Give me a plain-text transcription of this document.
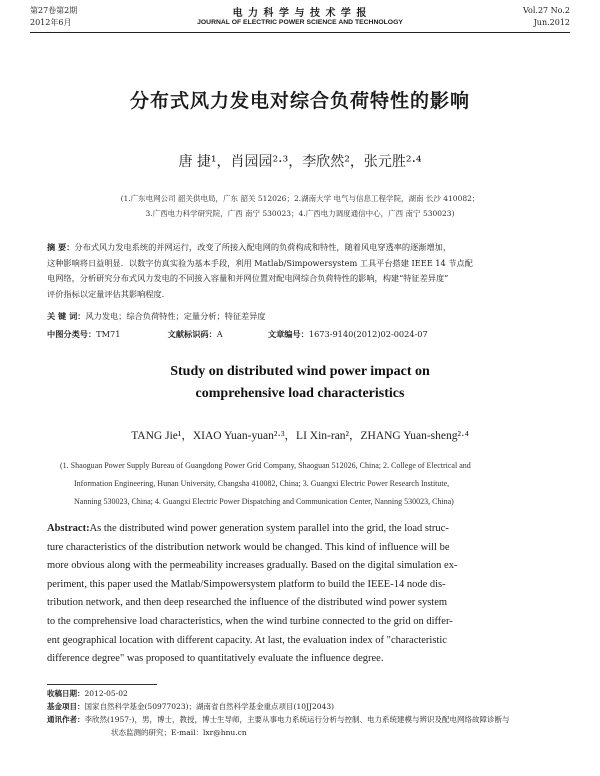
第27卷第2期
2012年6月
电 力 科 学 与 技 术 学 报
JOURNAL OF ELECTRIC POWER SCIENCE AND TECHNOLOGY
Vol.27 No.2
Jun.2012
分布式风力发电对综合负荷特性的影响
唐 捷¹，肖园园²·³，李欣然²，张元胜²·⁴
(1.广东电网公司 韶关供电局，广东 韶关 512026；2.湖南大学 电气与信息工程学院，湖南 长沙 410082；
3.广西电力科学研究院，广西 南宁 530023；4.广西电力调度通信中心，广西 南宁 530023)
摘 要：分布式风力发电系统的并网运行，改变了所接入配电网的负荷构成和特性，随着风电穿透率的逐渐增加，
这种影响将日益明显．以数字仿真实验为基本手段，利用 Matlab/Simpowersystem 工具平台搭建 IEEE 14 节点配
电网络，分析研究分布式风力发电的不同接入容量和并网位置对配电网综合负荷特性的影响，构建“特征差异度”
评价指标以定量评估其影响程度．
关 键 词：风力发电；综合负荷特性；定量分析；特征差异度
中图分类号：TM71	文献标识码：A	文章编号：1673-9140(2012)02-0024-07
Study on distributed wind power impact on
comprehensive load characteristics
TANG Jie¹，XIAO Yuan-yuan²·³，LI Xin-ran²，ZHANG Yuan-sheng²·⁴
(1. Shaoguan Power Supply Bureau of Guangdong Power Grid Company, Shaoguan 512026, China; 2. College of Electrical and
Information Engineering, Hunan University, Changsha 410082, China; 3. Guangxi Electric Power Research Institute,
Nanning 530023, China; 4. Guangxi Electric Power Dispatching and Communication Center, Nanning 530023, China)
Abstract:As the distributed wind power generation system parallel into the grid, the load struc-
ture characteristics of the distribution network would be changed. This kind of influence will be
more obvious along with the permeability increases gradually. Based on the digital simulation ex-
periment, this paper used the Matlab/Simpowersystem platform to build the IEEE-14 node dis-
tribution network, and then deep researched the influence of the distributed wind power system
to the comprehensive load characteristics, when the wind turbine connected to the grid on differ-
ent geographical location with different capacity. At last, the evaluation index of "characteristic
difference degree" was proposed to quantitatively evaluate the influence degree.
收稿日期：2012-05-02
基金项目：国家自然科学基金(50977023)；湖南省自然科学基金重点项目(10JJ2043)
通讯作者：李欣然(1957-)，男，博士，教授，博士生导师，主要从事电力系统运行分析与控制、电力系统建模与辨识及配电网络故障诊断与
状态监测的研究；E-mail：lxr@hnu.cn
